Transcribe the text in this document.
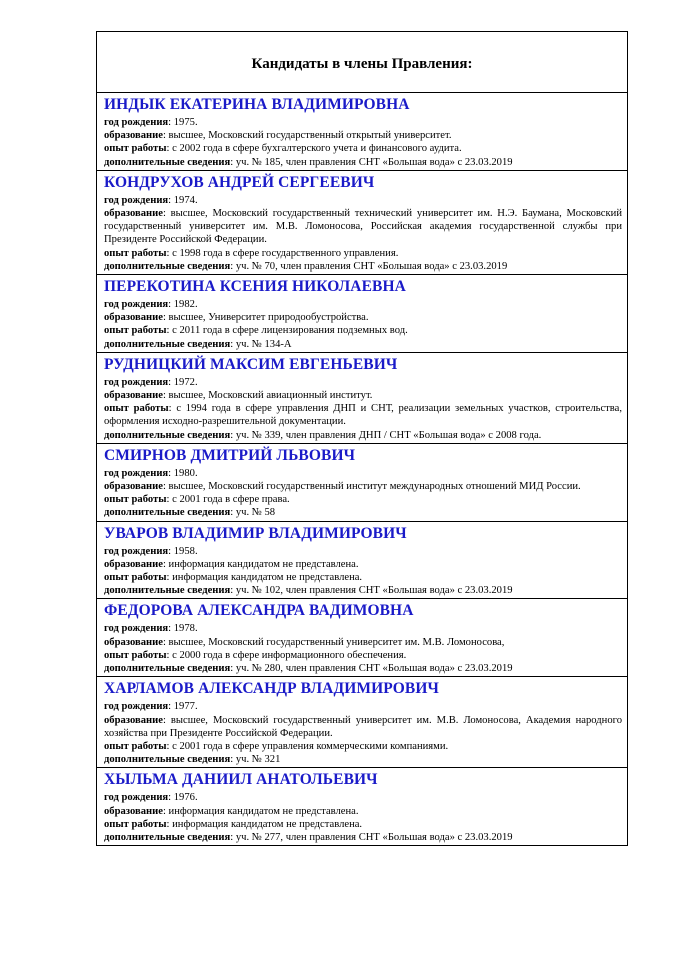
Кандидаты в члены Правления:
ИНДЫК ЕКАТЕРИНА ВЛАДИМИРОВНА
год рождения: 1975.
образование: высшее, Московский государственный открытый университет.
опыт работы: с 2002 года в сфере бухгалтерского учета и финансового аудита.
дополнительные сведения: уч. № 185, член правления СНТ «Большая вода» с 23.03.2019
КОНДРУХОВ АНДРЕЙ СЕРГЕЕВИЧ
год рождения: 1974.
образование: высшее, Московский государственный технический университет им. Н.Э. Баумана, Московский государственный университет им. М.В. Ломоносова, Российская академия государственной службы при Президенте Российской Федерации.
опыт работы: с 1998 года в сфере государственного управления.
дополнительные сведения: уч. № 70, член правления СНТ «Большая вода» с 23.03.2019
ПЕРЕКОТИНА КСЕНИЯ НИКОЛАЕВНА
год рождения: 1982.
образование: высшее, Университет природообустройства.
опыт работы: с 2011 года в сфере лицензирования подземных вод.
дополнительные сведения: уч. № 134-А
РУДНИЦКИЙ МАКСИМ ЕВГЕНЬЕВИЧ
год рождения: 1972.
образование: высшее, Московский авиационный институт.
опыт работы: с 1994 года в сфере управления ДНП и СНТ, реализации земельных участков, строительства, оформления исходно-разрешительной документации.
дополнительные сведения: уч. № 339, член правления ДНП / СНТ «Большая вода» с 2008 года.
СМИРНОВ ДМИТРИЙ ЛЬВОВИЧ
год рождения: 1980.
образование: высшее, Московский государственный институт международных отношений МИД России.
опыт работы: с 2001 года в сфере права.
дополнительные сведения: уч. № 58
УВАРОВ ВЛАДИМИР ВЛАДИМИРОВИЧ
год рождения: 1958.
образование: информация кандидатом не представлена.
опыт работы: информация кандидатом не представлена.
дополнительные сведения: уч. № 102, член правления СНТ «Большая вода» с 23.03.2019
ФЕДОРОВА АЛЕКСАНДРА ВАДИМОВНА
год рождения: 1978.
образование: высшее, Московский государственный университет им. М.В. Ломоносова,
опыт работы: с 2000 года в сфере информационного обеспечения.
дополнительные сведения: уч. № 280, член правления СНТ «Большая вода» с 23.03.2019
ХАРЛАМОВ АЛЕКСАНДР ВЛАДИМИРОВИЧ
год рождения: 1977.
образование: высшее, Московский государственный университет им. М.В. Ломоносова, Академия народного хозяйства при Президенте Российской Федерации.
опыт работы: с 2001 года в сфере управления коммерческими компаниями.
дополнительные сведения: уч. № 321
ХЫЛЬМА ДАНИИЛ АНАТОЛЬЕВИЧ
год рождения: 1976.
образование: информация кандидатом не представлена.
опыт работы: информация кандидатом не представлена.
дополнительные сведения: уч. № 277, член правления СНТ «Большая вода» с 23.03.2019
